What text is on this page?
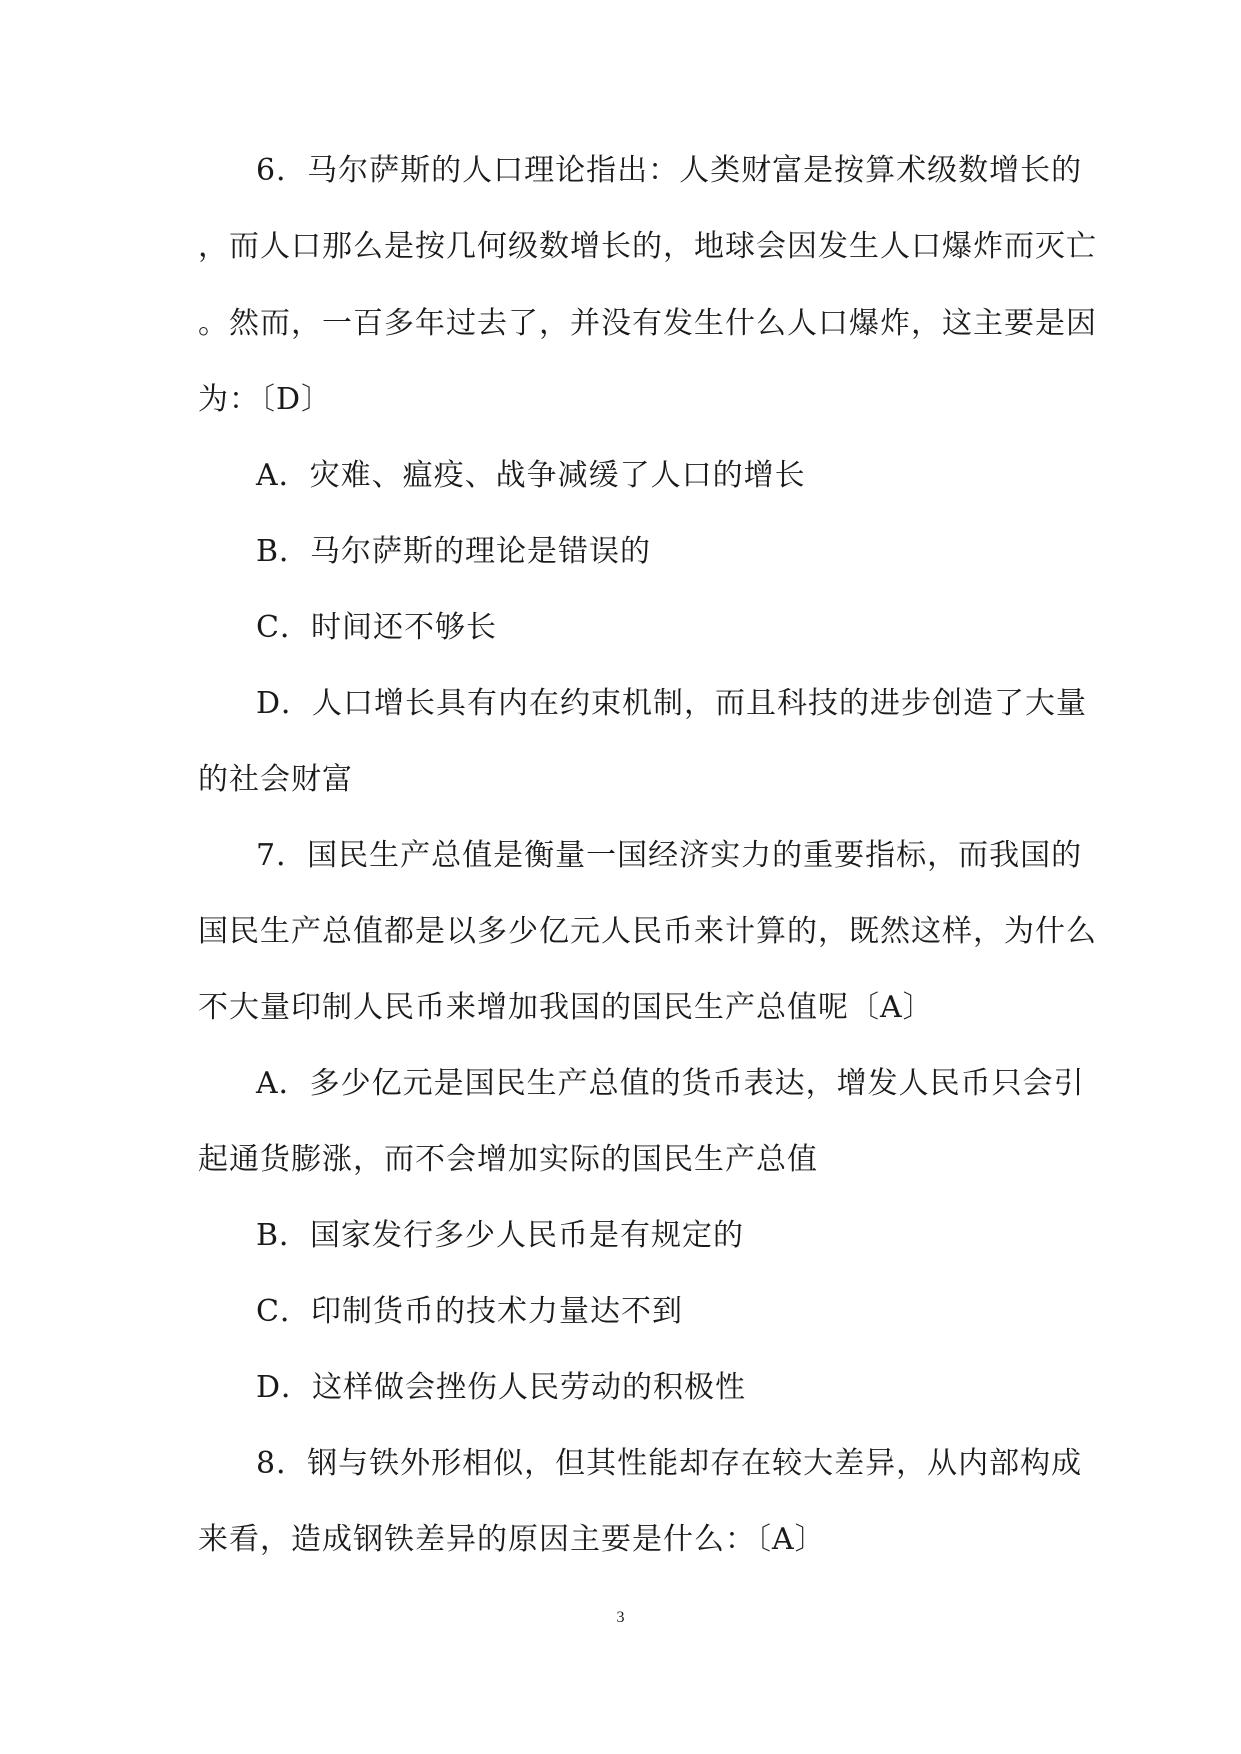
6．马尔萨斯的人口理论指出：人类财富是按算术级数增长的
，而人口那么是按几何级数增长的，地球会因发生人口爆炸而灭亡
。然而，一百多年过去了，并没有发生什么人口爆炸，这主要是因
为：〔D〕
A．灾难、瘟疫、战争减缓了人口的增长
B．马尔萨斯的理论是错误的
C．时间还不够长
D．人口增长具有内在约束机制，而且科技的进步创造了大量
的社会财富
7．国民生产总值是衡量一国经济实力的重要指标，而我国的
国民生产总值都是以多少亿元人民币来计算的，既然这样，为什么
不大量印制人民币来增加我国的国民生产总值呢〔A〕
A．多少亿元是国民生产总值的货币表达，增发人民币只会引
起通货膨涨，而不会增加实际的国民生产总值
B．国家发行多少人民币是有规定的
C．印制货币的技术力量达不到
D．这样做会挫伤人民劳动的积极性
8．钢与铁外形相似，但其性能却存在较大差异，从内部构成
来看，造成钢铁差异的原因主要是什么：〔A〕
3
